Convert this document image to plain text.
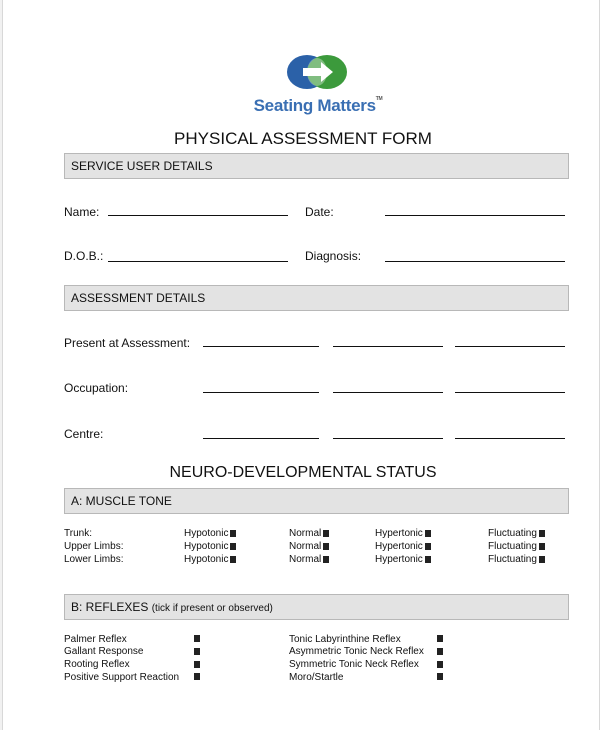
Seating Matters™
PHYSICAL ASSESSMENT FORM
SERVICE USER DETAILS
Name:	Date:
D.O.B.:	Diagnosis:
ASSESSMENT DETAILS
Present at Assessment:
Occupation:
Centre:
NEURO-DEVELOPMENTAL STATUS
A: MUSCLE TONE
Trunk:
Upper Limbs:
Lower Limbs:
Hypotonic
Hypotonic
Hypotonic
Normal
Normal
Normal
Hypertonic
Hypertonic
Hypertonic
Fluctuating
Fluctuating
Fluctuating
B: REFLEXES (tick if present or observed)
Palmer Reflex
Gallant Response
Rooting Reflex
Positive Support Reaction
Tonic Labyrinthine Reflex
Asymmetric Tonic Neck Reflex
Symmetric Tonic Neck Reflex
Moro/Startle
